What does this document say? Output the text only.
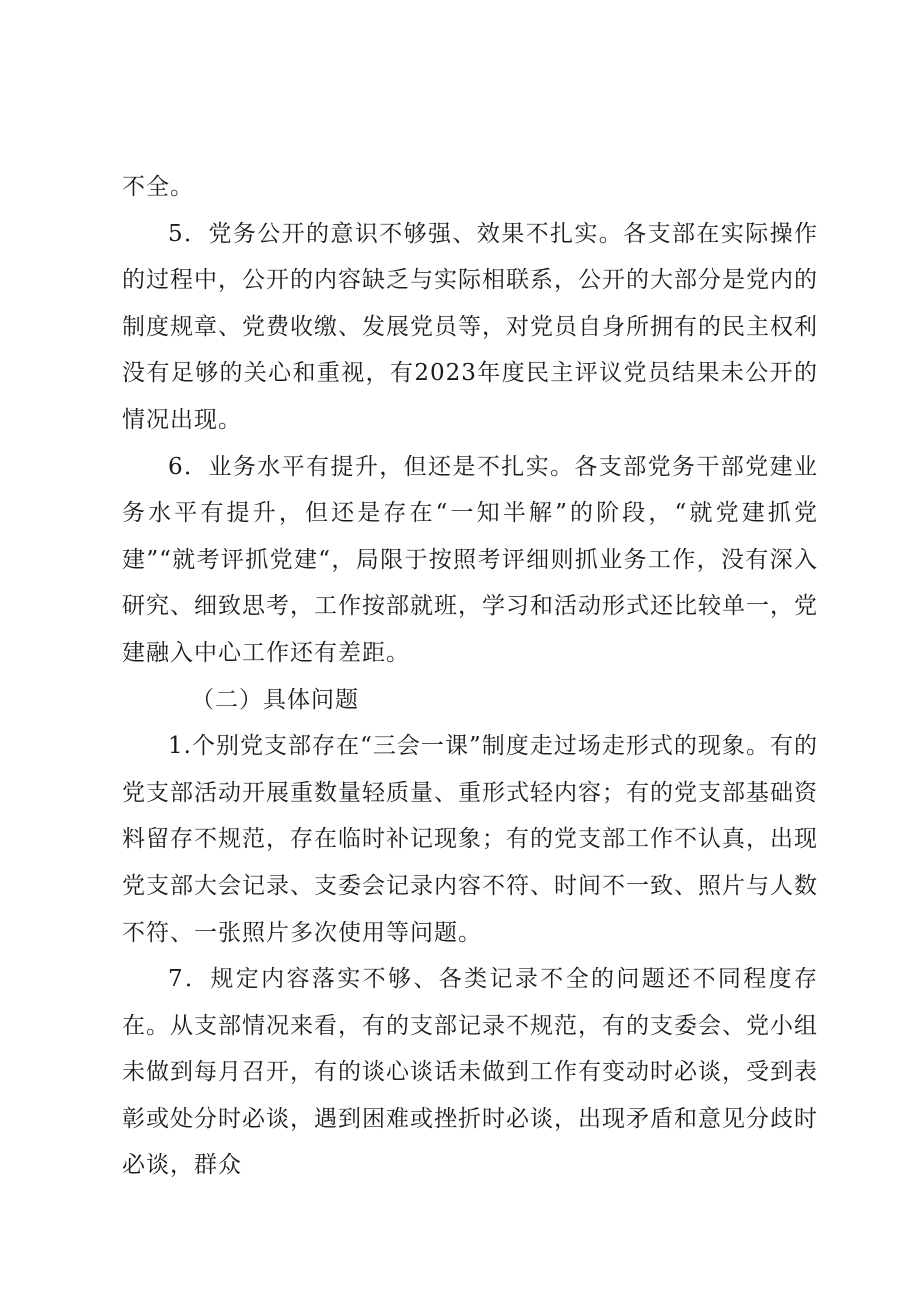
不全。

5．党务公开的意识不够强、效果不扎实。各支部在实际操作的过程中，公开的内容缺乏与实际相联系，公开的大部分是党内的制度规章、党费收缴、发展党员等，对党员自身所拥有的民主权利没有足够的关心和重视，有2023年度民主评议党员结果未公开的情况出现。

6．业务水平有提升，但还是不扎实。各支部党务干部党建业务水平有提升，但还是存在“一知半解”的阶段，“就党建抓党建”“就考评抓党建“，局限于按照考评细则抓业务工作，没有深入研究、细致思考，工作按部就班，学习和活动形式还比较单一，党建融入中心工作还有差距。

（二）具体问题

1.个别党支部存在“三会一课”制度走过场走形式的现象。有的党支部活动开展重数量轻质量、重形式轻内容；有的党支部基础资料留存不规范，存在临时补记现象；有的党支部工作不认真，出现党支部大会记录、支委会记录内容不符、时间不一致、照片与人数不符、一张照片多次使用等问题。

7．规定内容落实不够、各类记录不全的问题还不同程度存在。从支部情况来看，有的支部记录不规范，有的支委会、党小组未做到每月召开，有的谈心谈话未做到工作有变动时必谈，受到表彰或处分时必谈，遇到困难或挫折时必谈，出现矛盾和意见分歧时必谈，群众
